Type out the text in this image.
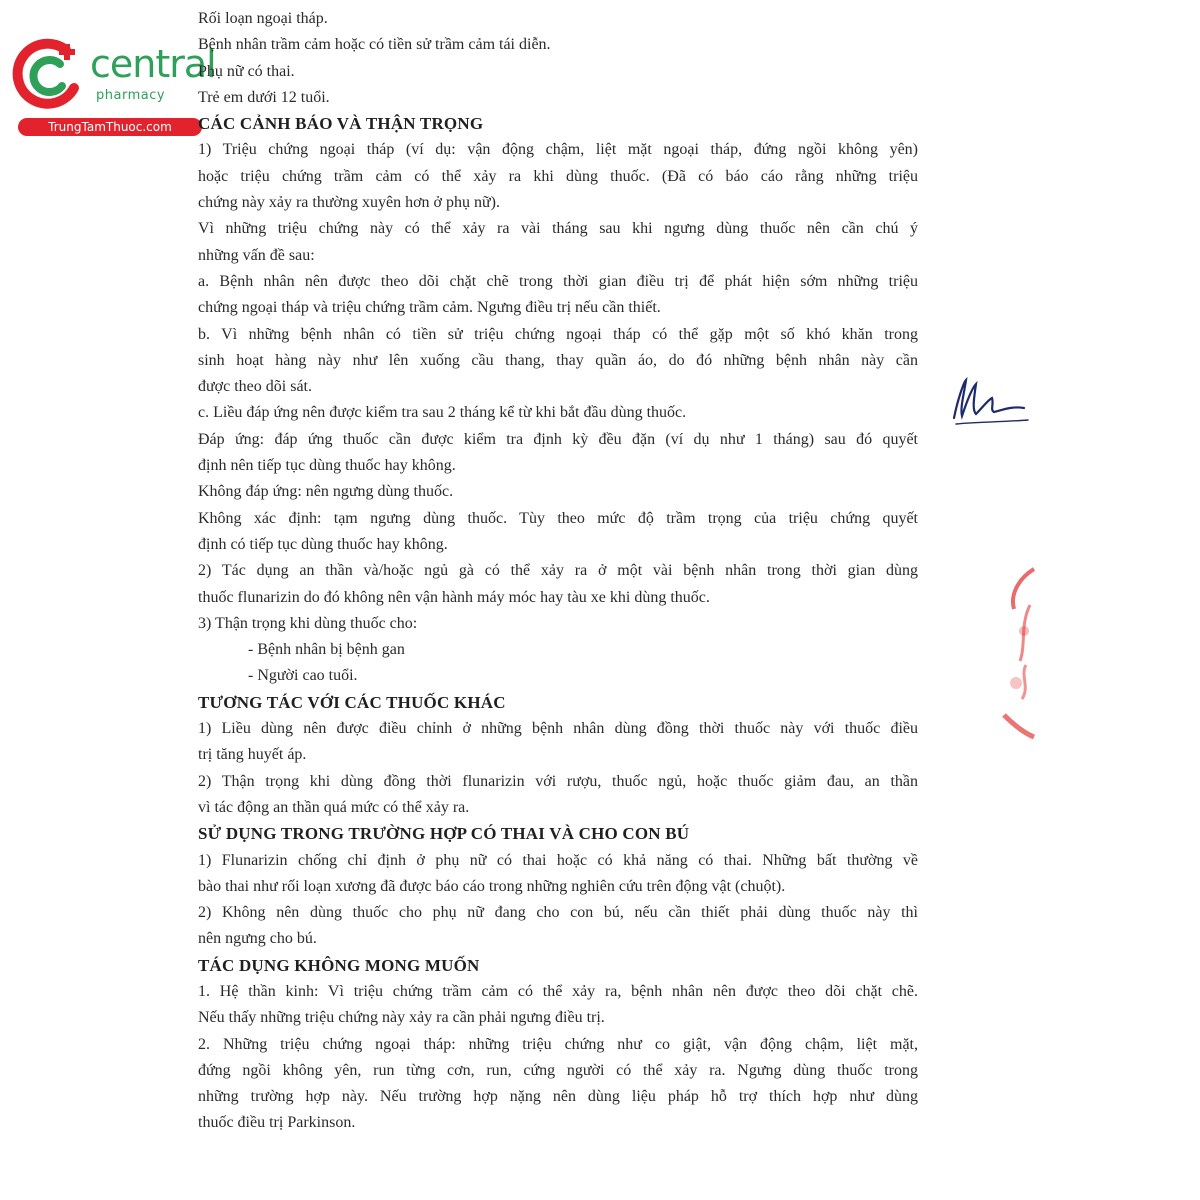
central
pharmacy
TrungTamThuoc.com
Rối loạn ngoại tháp.
Bệnh nhân trầm cảm hoặc có tiền sử trầm cảm tái diễn.
Phụ nữ có thai.
Trẻ em dưới 12 tuổi.
CÁC CẢNH BÁO VÀ THẬN TRỌNG
1) Triệu chứng ngoại tháp (ví dụ: vận động chậm, liệt mặt ngoại tháp, đứng ngồi không yên)
hoặc triệu chứng trầm cảm có thể xảy ra khi dùng thuốc. (Đã có báo cáo rằng những triệu
chứng này xảy ra thường xuyên hơn ở phụ nữ).
Vì những triệu chứng này có thể xảy ra vài tháng sau khi ngưng dùng thuốc nên cần chú ý
những vấn đề sau:
a. Bệnh nhân nên được theo dõi chặt chẽ trong thời gian điều trị để phát hiện sớm những triệu
chứng ngoại tháp và triệu chứng trầm cảm. Ngưng điều trị nếu cần thiết.
b. Vì những bệnh nhân có tiền sử triệu chứng ngoại tháp có thể gặp một số khó khăn trong
sinh hoạt hàng này như lên xuống cầu thang, thay quần áo, do đó những bệnh nhân này cần
được theo dõi sát.
c. Liều đáp ứng nên được kiểm tra sau 2 tháng kể từ khi bắt đầu dùng thuốc.
Đáp ứng: đáp ứng thuốc cần được kiểm tra định kỳ đều đặn (ví dụ như 1 tháng) sau đó quyết
định nên tiếp tục dùng thuốc hay không.
Không đáp ứng: nên ngưng dùng thuốc.
Không xác định: tạm ngưng dùng thuốc. Tùy theo mức độ trầm trọng của triệu chứng quyết
định có tiếp tục dùng thuốc hay không.
2) Tác dụng an thần và/hoặc ngủ gà có thể xảy ra ở một vài bệnh nhân trong thời gian dùng
thuốc flunarizin do đó không nên vận hành máy móc hay tàu xe khi dùng thuốc.
3) Thận trọng khi dùng thuốc cho:
- Bệnh nhân bị bệnh gan
- Người cao tuổi.
TƯƠNG TÁC VỚI CÁC THUỐC KHÁC
1) Liều dùng nên được điều chỉnh ở những bệnh nhân dùng đồng thời thuốc này với thuốc điều
trị tăng huyết áp.
2) Thận trọng khi dùng đồng thời flunarizin với rượu, thuốc ngủ, hoặc thuốc giảm đau, an thần
vì tác động an thần quá mức có thể xảy ra.
SỬ DỤNG TRONG TRƯỜNG HỢP CÓ THAI VÀ CHO CON BÚ
1) Flunarizin chống chỉ định ở phụ nữ có thai hoặc có khả năng có thai. Những bất thường về
bào thai như rối loạn xương đã được báo cáo trong những nghiên cứu trên động vật (chuột).
2) Không nên dùng thuốc cho phụ nữ đang cho con bú, nếu cần thiết phải dùng thuốc này thì
nên ngưng cho bú.
TÁC DỤNG KHÔNG MONG MUỐN
1. Hệ thần kinh: Vì triệu chứng trầm cảm có thể xảy ra, bệnh nhân nên được theo dõi chặt chẽ.
Nếu thấy những triệu chứng này xảy ra cần phải ngưng điều trị.
2. Những triệu chứng ngoại tháp: những triệu chứng như co giật, vận động chậm, liệt mặt,
đứng ngồi không yên, run từng cơn, run, cứng người có thể xảy ra. Ngưng dùng thuốc trong
những trường hợp này. Nếu trường hợp nặng nên dùng liệu pháp hỗ trợ thích hợp như dùng
thuốc điều trị Parkinson.
